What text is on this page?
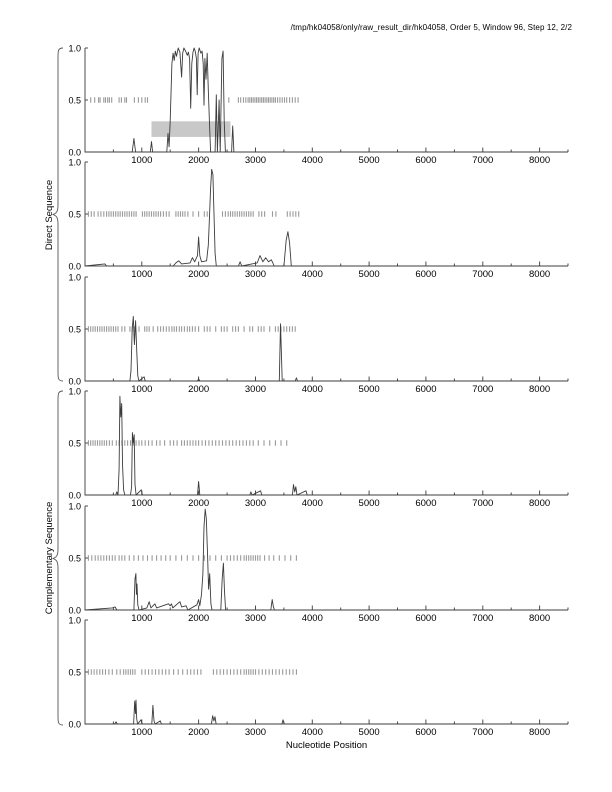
/tmp/hk04058/only/raw_result_dir/hk04058, Order 5, Window 96, Step 12, 2/2
Direct Sequence
Complementary Sequence
1000	2000	3000	4000	5000	6000	7000	8000
1.0
0.5
0.0
1000	2000	3000	4000	5000	6000	7000	8000
1.0
0.5
0.0
1000	2000	3000	4000	5000	6000	7000	8000
1.0
0.5
0.0
1000	2000	3000	4000	5000	6000	7000	8000
1.0
0.5
0.0
1000	2000	3000	4000	5000	6000	7000	8000
1.0
0.5
0.0
1000	2000	3000	4000	5000	6000	7000	8000
1.0
0.5
0.0
Nucleotide Position
